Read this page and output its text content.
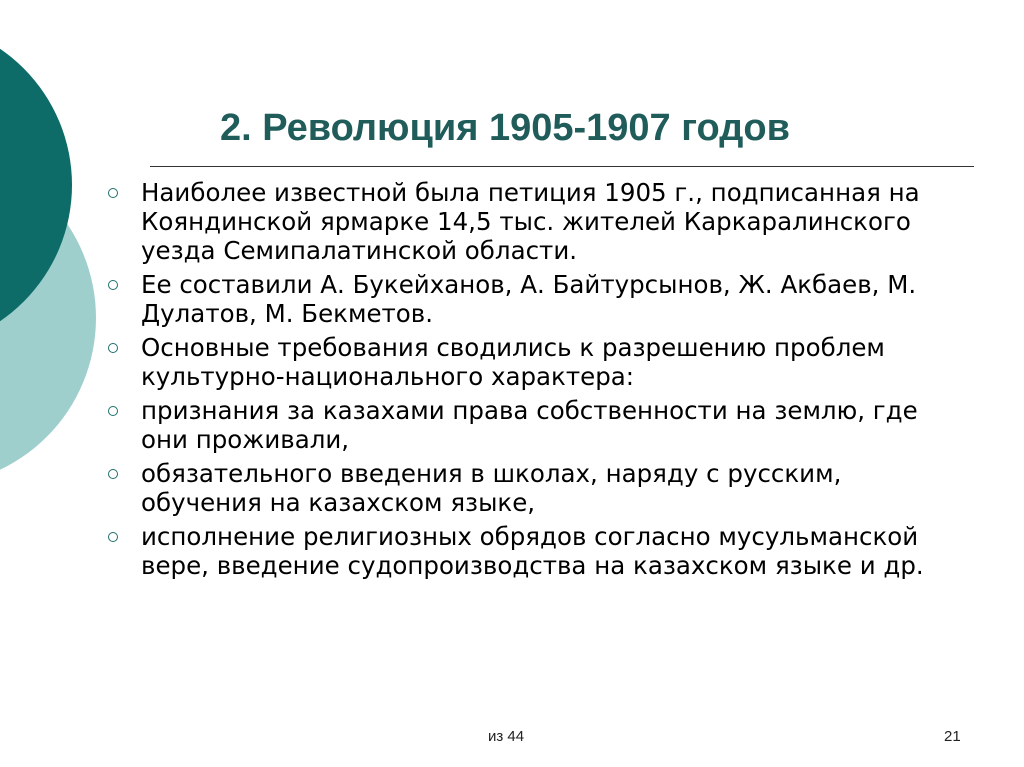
2. Революция 1905-1907 годов
Наиболее известной была петиция 1905 г., подписанная на Кояндинской ярмарке 14,5 тыс. жителей Каркаралинского уезда Семипалатинской области.
Ее составили А. Букейханов, А. Байтурсынов, Ж. Акбаев, М. Дулатов, М. Бекметов.
Основные требования сводились к разрешению проблем культурно-национального характера:
признания за казахами права собственности на землю, где они проживали,
обязательного введения в школах, наряду с русским, обучения на казахском языке,
исполнение религиозных обрядов согласно мусульманской вере, введение судопроизводства на казахском языке и др.
из 44	21
